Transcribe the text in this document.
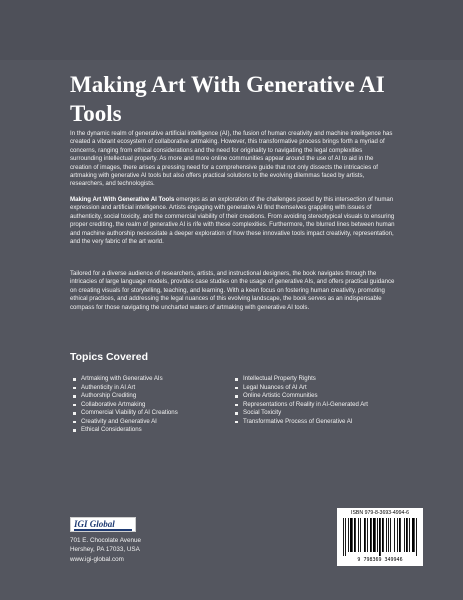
Making Art With Generative AI Tools

In the dynamic realm of generative artificial intelligence (AI), the fusion of human creativity and machine intelligence has created a vibrant ecosystem of collaborative artmaking. However, this transformative process brings forth a myriad of concerns, ranging from ethical considerations and the need for originality to navigating the legal complexities surrounding intellectual property. As more and more online communities appear around the use of AI to aid in the creation of images, there arises a pressing need for a comprehensive guide that not only dissects the intricacies of artmaking with generative AI tools but also offers practical solutions to the evolving dilemmas faced by artists, researchers, and technologists.

Making Art With Generative AI Tools emerges as an exploration of the challenges posed by this intersection of human expression and artificial intelligence. Artists engaging with generative AI find themselves grappling with issues of authenticity, social toxicity, and the commercial viability of their creations. From avoiding stereotypical visuals to ensuring proper crediting, the realm of generative AI is rife with these complexities. Furthermore, the blurred lines between human and machine authorship necessitate a deeper exploration of how these innovative tools impact creativity, representation, and the very fabric of the art world.

Tailored for a diverse audience of researchers, artists, and instructional designers, the book navigates through the intricacies of large language models, provides case studies on the usage of generative AIs, and offers practical guidance on creating visuals for storytelling, teaching, and learning. With a keen focus on fostering human creativity, promoting ethical practices, and addressing the legal nuances of this evolving landscape, the book serves as an indispensable compass for those navigating the uncharted waters of artmaking with generative AI tools.

Topics Covered
Artmaking with Generative AIs
Authenticity in AI Art
Authorship Crediting
Collaborative Artmaking
Commercial Viability of AI Creations
Creativity and Generative AI
Ethical Considerations
Intellectual Property Rights
Legal Nuances of AI Art
Online Artistic Communities
Representations of Reality in AI-Generated Art
Social Toxicity
Transformative Process of Generative AI
IGI Global
701 E. Chocolate Avenue
Hershey, PA 17033, USA
www.igi-global.com
ISBN 979-8-3693-4994-6
9 798369 349946
